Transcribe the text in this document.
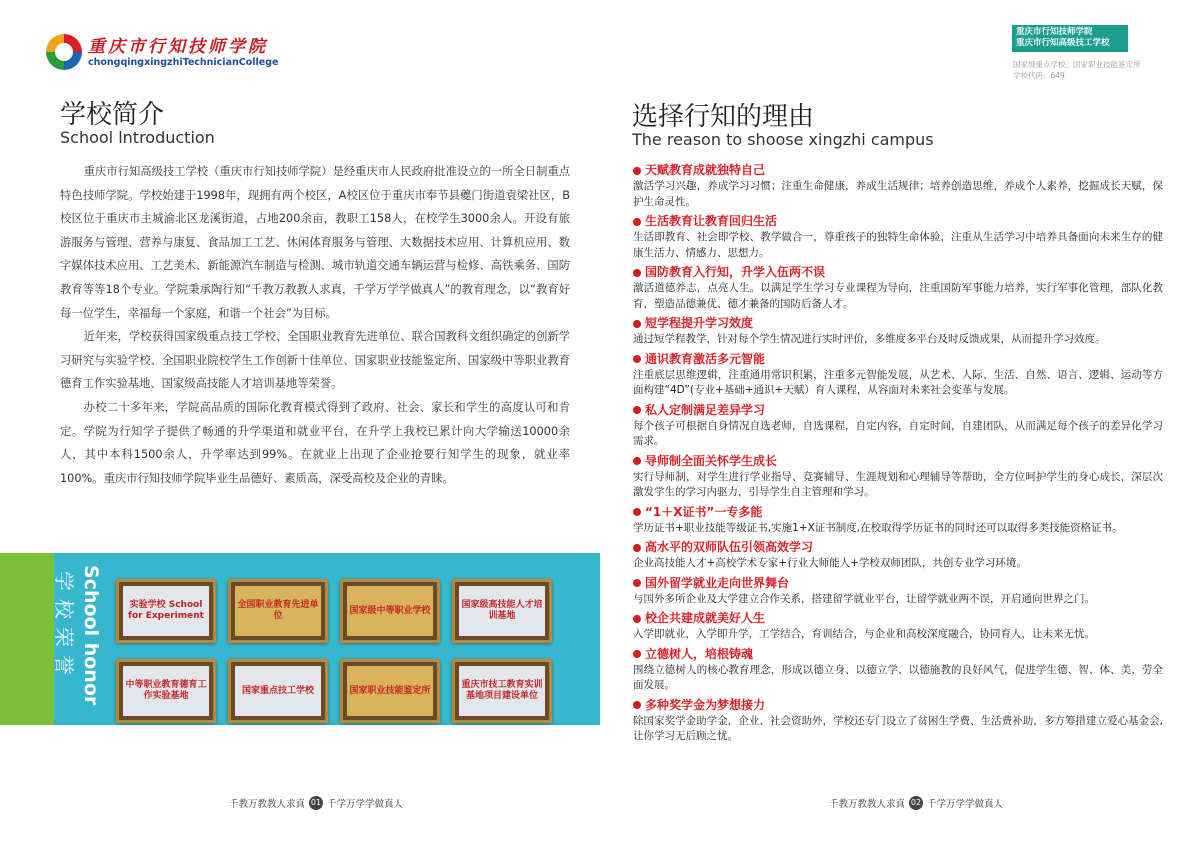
重庆市行知技师学院
chongqingxingzhiTechnicianCollege
学校简介
School lntroduction

重庆市行知高级技工学校（重庆市行知技师学院）是经重庆市人民政府批准设立的一所全日制重点特色技师学院。学校始建于1998年，现拥有两个校区，A校区位于重庆市奉节县夔门街道袁梁社区，B校区位于重庆市主城渝北区龙溪街道，占地200余亩，教职工158人，在校学生3000余人。开设有旅游服务与管理、营养与康复、食品加工工艺、休闲体育服务与管理、大数据技术应用、计算机应用、数字媒体技术应用、工艺美术、新能源汽车制造与检测、城市轨道交通车辆运营与检修、高铁乘务、国防教育等等18个专业。学院秉承陶行知“千教万教教人求真，千学万学学做真人”的教育理念，以“教育好每一位学生，幸福每一个家庭，和谐一个社会”为目标。

近年来，学校获得国家级重点技工学校、全国职业教育先进单位、联合国教科文组织确定的创新学习研究与实验学校、全国职业院校学生工作创新十佳单位、国家职业技能鉴定所、国家级中等职业教育德育工作实验基地、国家级高技能人才培训基地等荣誉。

办校二十多年来，学院高品质的国际化教育模式得到了政府、社会、家长和学生的高度认可和肯定。学院为行知学子提供了畅通的升学渠道和就业平台，在升学上我校已累计向大学输送10000余人，其中本科1500余人，升学率达到99%。在就业上出现了企业抢要行知学生的现象，就业率100%。重庆市行知技师学院毕业生品德好、素质高，深受高校及企业的青睐。

School honor
学校荣誉	实验学校 School for Experiment
全国职业教育先进单位
国家级中等职业学校
国家级高技能人才培训基地
中等职业教育德育工作实验基地
国家重点技工学校	国家职业技能鉴定所
重庆市技工教育实训基地项目建设单位
千教万教教人求真 01 千学万学学做真人
重庆市行知技师学院
重庆市行知高级技工学校
国家级重点学校、国家职业技能鉴定所
学校代码：649
选择行知的理由
The reason to shoose xingzhi campus
天赋教育成就独特自己
激活学习兴趣，养成学习习惯；注重生命健康，养成生活规律；培养创造思维，养成个人素养，挖掘成长天赋，保护生命灵性。
生活教育让教育回归生活
生活即教育、社会即学校、教学做合一，尊重孩子的独特生命体验，注重从生活学习中培养具备面向未来生存的健康生活力、情感力、思想力。
国防教育入行知，升学入伍两不误
激活道德养志，点亮人生。以满足学生学习专业课程为导向，注重国防军事能力培养，实行军事化管理，部队化教育，塑造品德兼优、德才兼备的国防后备人才。
短学程提升学习效度
通过短学程教学，针对每个学生情况进行实时评价，多维度多平台及时反馈成果，从而提升学习效度。
通识教育激活多元智能
注重底层思维逻辑，注重通用常识积累，注重多元智能发展，从艺术、人际、生活、自然、语言、逻辑、运动等方面构建“4D”(专业+基础+通识+天赋）育人课程，从容面对未来社会变革与发展。
私人定制满足差异学习
每个孩子可根据自身情况自选老师，自选课程，自定内容，自定时间，自建团队，从而满足每个孩子的差异化学习需求。
导师制全面关怀学生成长
实行导师制，对学生进行学业指导、竞赛辅导、生涯规划和心理辅导等帮助，全方位呵护学生的身心成长，深层次激发学生的学习内驱力，引导学生自主管理和学习。
“1＋X证书”一专多能
学历证书+职业技能等级证书,实施1+X证书制度,在校取得学历证书的同时还可以取得多类技能资格证书。
高水平的双师队伍引领高效学习
企业高技能人才+高校学术专家+行业大师能人+学校双师团队，共创专业学习环境。
国外留学就业走向世界舞台
与国外多所企业及大学建立合作关系，搭建留学就业平台，让留学就业两不误，开启通向世界之门。
校企共建成就美好人生
入学即就业，入学即升学，工学结合，育训结合，与企业和高校深度融合，协同育人，让未来无忧。
立德树人，培根铸魂
围绕立德树人的核心教育理念，形成以德立身、以德立学、以德施教的良好风气，促进学生德、智、体、美、劳全面发展。
多种奖学金为梦想接力
除国家奖学金助学金，企业、社会资助外，学校还专门设立了贫困生学费、生活费补助，多方筹措建立爱心基金会,让你学习无后顾之忧。
千教万教教人求真 02 千学万学学做真人
